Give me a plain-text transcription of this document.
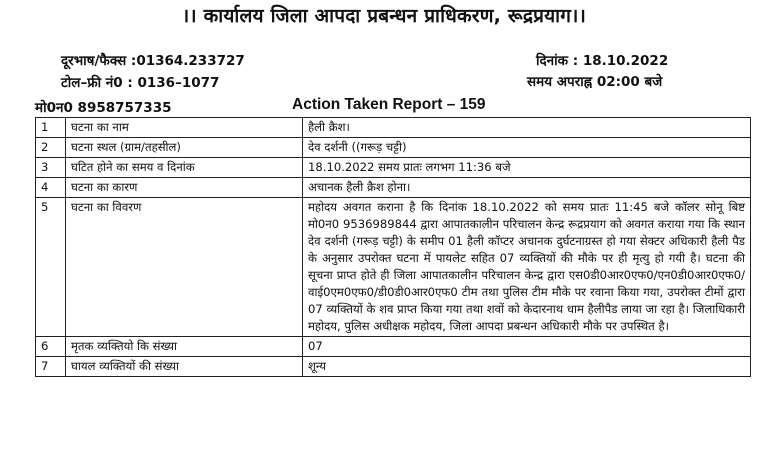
।। कार्यालय जिला आपदा प्रबन्धन प्राधिकरण, रूद्रप्रयाग।।
दूरभाष/फैक्स :01364.233727
टोल–फ्री नं0 : 0136–1077
मो0न0 8958757335
दिनांक : 18.10.2022
समय अपराह्न 02:00 बजे
Action Taken Report – 159
1	घटना का नाम	हैली क्रैश।
2	घटना स्थल (ग्राम/तहसील)	देव दर्शनी ((गरूड़ चट्टी)
3	घटित होने का समय व दिनांक	18.10.2022 समय प्रातः लगभग 11:36 बजे
4	घटना का कारण	अचानक हैली क्रैश होना।
5	घटना का विवरण	महोदय अवगत कराना है कि दिनांक 18.10.2022 को समय प्रातः 11:45 बजे कॉलर सोनू बिष्ट मो0न0 9536989844 द्वारा आपातकालीन परिचालन केन्द्र रूद्रप्रयाग को अवगत कराया गया कि स्थान देव दर्शनी (गरूड़ चट्टी) के समीप 01 हैली कॉप्टर अचानक दुर्घटनाग्रस्त हो गया सेक्टर अधिकारी हैली पैड के अनुसार उपरोक्त घटना में पायलेट सहित 07 व्यक्तियों की मौके पर ही मृत्यु हो गयी है। घटना की सूचना प्राप्त होते ही जिला आपातकालीन परिचालन केन्द्र द्वारा एस0डी0आर0एफ0/एन0डी0आर0एफ0/वाई0एम0एफ0/डी0डी0आर0एफ0 टीम तथा पुलिस टीम मौके पर रवाना किया गया, उपरोक्त टीमों द्वारा 07 व्यक्तियों के शव प्राप्त किया गया तथा शवों को केदारनाथ धाम हैलीपैड लाया जा रहा है। जिलाधिकारी महोदय, पुलिस अधीक्षक महोदय, जिला आपदा प्रबन्धन अधिकारी मौके पर उपस्थित है।
6	मृतक व्यक्तियो कि संख्या	07
7	घायल व्यक्तियों की संख्या	शून्य
